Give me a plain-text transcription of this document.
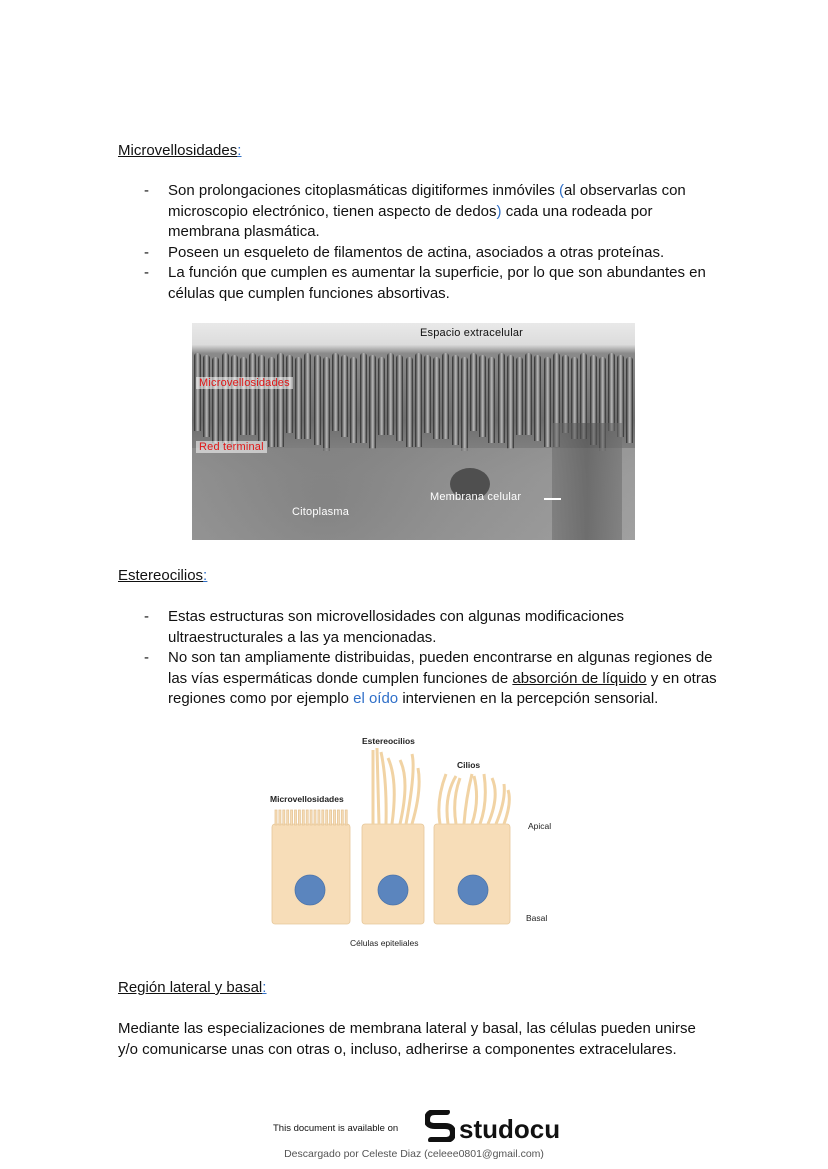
Microvellosidades:
- Son prolongaciones citoplasmáticas digitiformes inmóviles (al observarlas con microscopio electrónico, tienen aspecto de dedos) cada una rodeada por membrana plasmática.
- Poseen un esqueleto de filamentos de actina, asociados a otras proteínas.
- La función que cumplen es aumentar la superficie, por lo que son abundantes en células que cumplen funciones absortivas.
Espacio extracelular
Microvellosidades
Red terminal
Membrana celular
Citoplasma
Estereocilios:
- Estas estructuras son microvellosidades con algunas modificaciones ultraestructurales a las ya mencionadas.
- No son tan ampliamente distribuidas, pueden encontrarse en algunas regiones de las vías espermáticas donde cumplen funciones de absorción de líquido y en otras regiones como por ejemplo el oído intervienen en la percepción sensorial.
Estereocilios
Cilios
Microvellosidades
Apical
Basal
Células epiteliales
Región lateral y basal:
Mediante las especializaciones de membrana lateral y basal, las células pueden unirse y/o comunicarse unas con otras o, incluso, adherirse a componentes extracelulares.
This document is available on	studocu
Descargado por Celeste Diaz (celeee0801@gmail.com)
